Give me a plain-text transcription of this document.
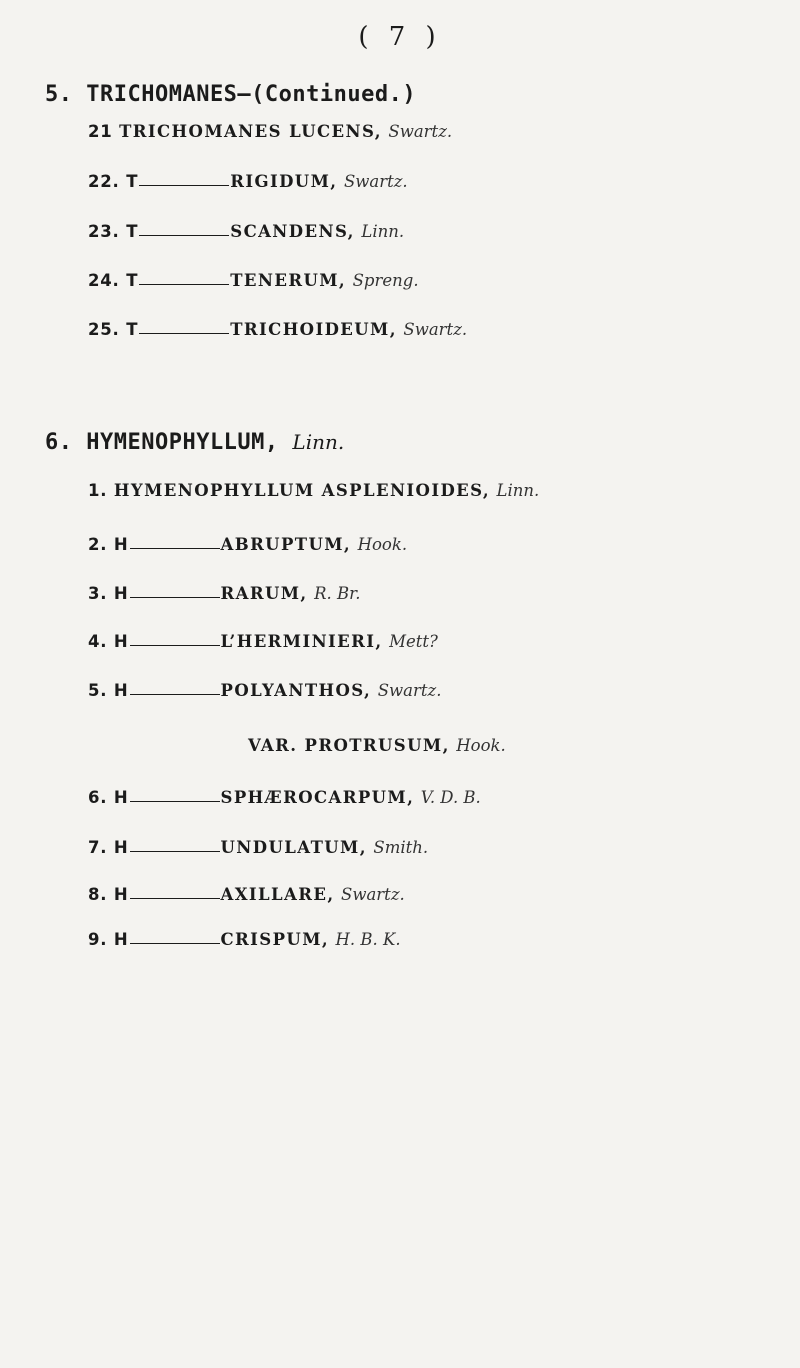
( 7 )
5. TRICHOMANES—(Continued.)
21 TRICHOMANES LUCENS, Swartz.
22. T	RIGIDUM, Swartz.
23. T	SCANDENS, Linn.
24. T	TENERUM, Spreng.
25. T	TRICHOIDEUM, Swartz.
6. HYMENOPHYLLUM, Linn.
1. HYMENOPHYLLUM ASPLENIOIDES, Linn.
2. H	ABRUPTUM, Hook.
3. H	RARUM, R. Br.
4. H	L’HERMINIERI, Mett?
5. H	POLYANTHOS, Swartz.
VAR. PROTRUSUM, Hook.
6. H	SPHÆROCARPUM, V. D. B.
7. H	UNDULATUM, Smith.
8. H	AXILLARE, Swartz.
9. H	CRISPUM, H. B. K.
